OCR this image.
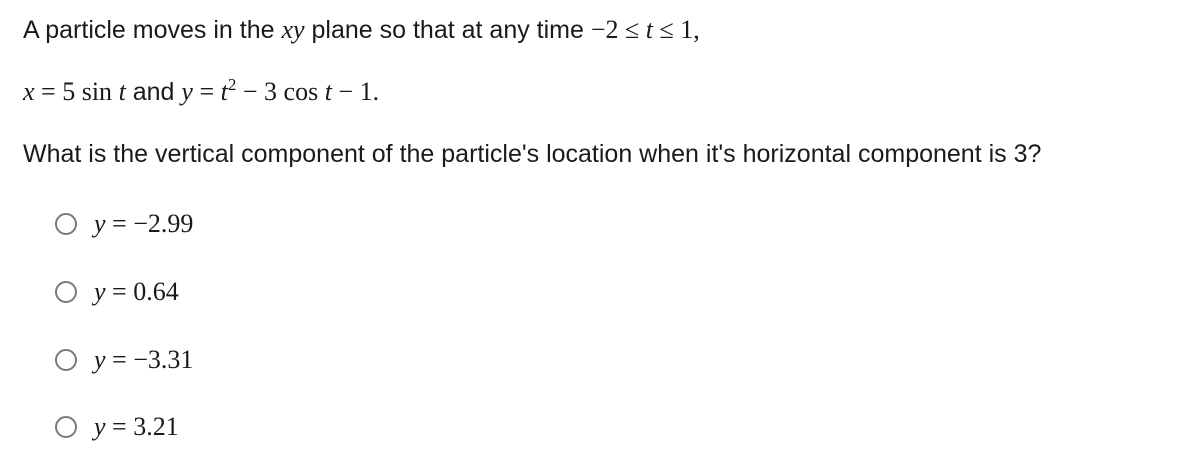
A particle moves in the xy plane so that at any time −2 ≤ t ≤ 1,
x = 5 sin t and $y = t^2 - 3$ cos t − 1.
What is the vertical component of the particle's location when it's horizontal component is 3?
y = −2.99
y = 0.64
y = −3.31
y = 3.21
